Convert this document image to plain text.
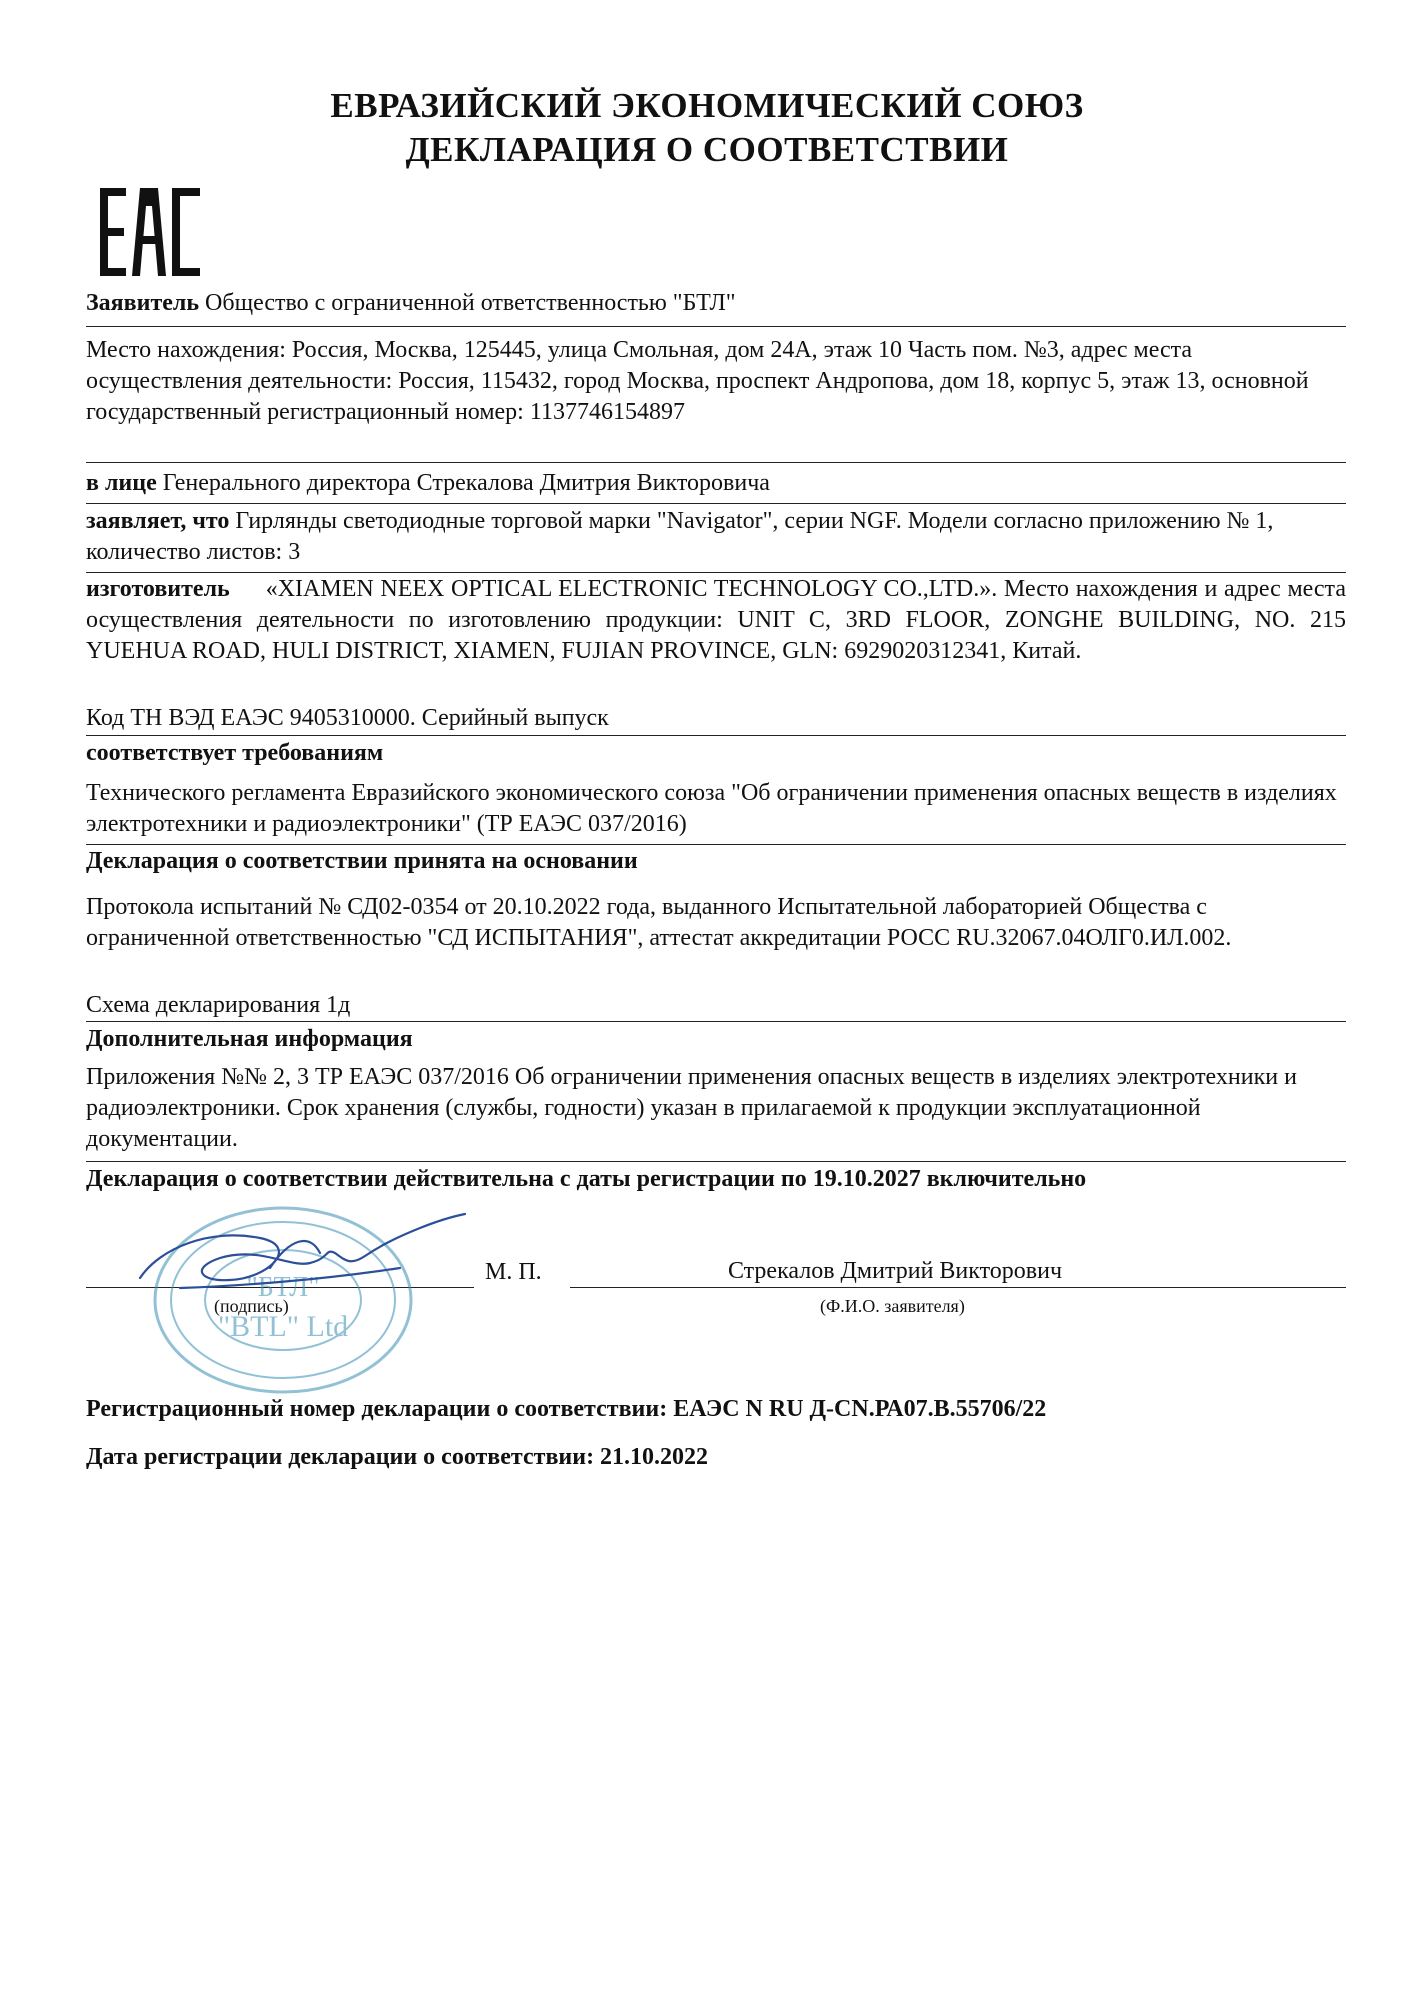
ЕВРАЗИЙСКИЙ ЭКОНОМИЧЕСКИЙ СОЮЗ
ДЕКЛАРАЦИЯ О СООТВЕТСТВИИ

Заявитель Общество с ограниченной ответственностью "БТЛ"

Место нахождения: Россия, Москва, 125445, улица Смольная, дом 24А, этаж 10 Часть пом. №3, адрес места осуществления деятельности: Россия, 115432, город Москва, проспект Андропова, дом 18, корпус 5, этаж 13, основной государственный регистрационный номер: 1137746154897

в лице Генерального директора Стрекалова Дмитрия Викторовича

заявляет, что Гирлянды светодиодные торговой марки "Navigator", серии NGF. Модели согласно приложению № 1, количество листов: 3

изготовитель «XIAMEN NEEX OPTICAL ELECTRONIC TECHNOLOGY CO.,LTD.». Место нахождения и адрес места осуществления деятельности по изготовлению продукции: UNIT C, 3RD FLOOR, ZONGHE BUILDING, NO. 215 YUEHUA ROAD, HULI DISTRICT, XIAMEN, FUJIAN PROVINCE, GLN: 6929020312341, Китай.

Код ТН ВЭД ЕАЭС 9405310000. Серийный выпуск

соответствует требованиям

Технического регламента Евразийского экономического союза "Об ограничении применения опасных веществ в изделиях электротехники и радиоэлектроники" (ТР ЕАЭС 037/2016)

Декларация о соответствии принята на основании

Протокола испытаний № СД02-0354 от 20.10.2022 года, выданного Испытательной лабораторией Общества с ограниченной ответственностью "СД ИСПЫТАНИЯ", аттестат аккредитации РОСС RU.32067.04ОЛГ0.ИЛ.002.

Схема декларирования 1д

Дополнительная информация

Приложения №№ 2, 3 ТР ЕАЭС 037/2016 Об ограничении применения опасных веществ в изделиях электротехники и радиоэлектроники. Срок хранения (службы, годности) указан в прилагаемой к продукции эксплуатационной документации.

Декларация о соответствии действительна с даты регистрации по 19.10.2027 включительно

М. П.	Стрекалов Дмитрий Викторович
(подпись)	(Ф.И.О. заявителя)
"БТЛ"
"BTL" Ltd

Регистрационный номер декларации о соответствии: ЕАЭС N RU Д-CN.РА07.В.55706/22

Дата регистрации декларации о соответствии: 21.10.2022
